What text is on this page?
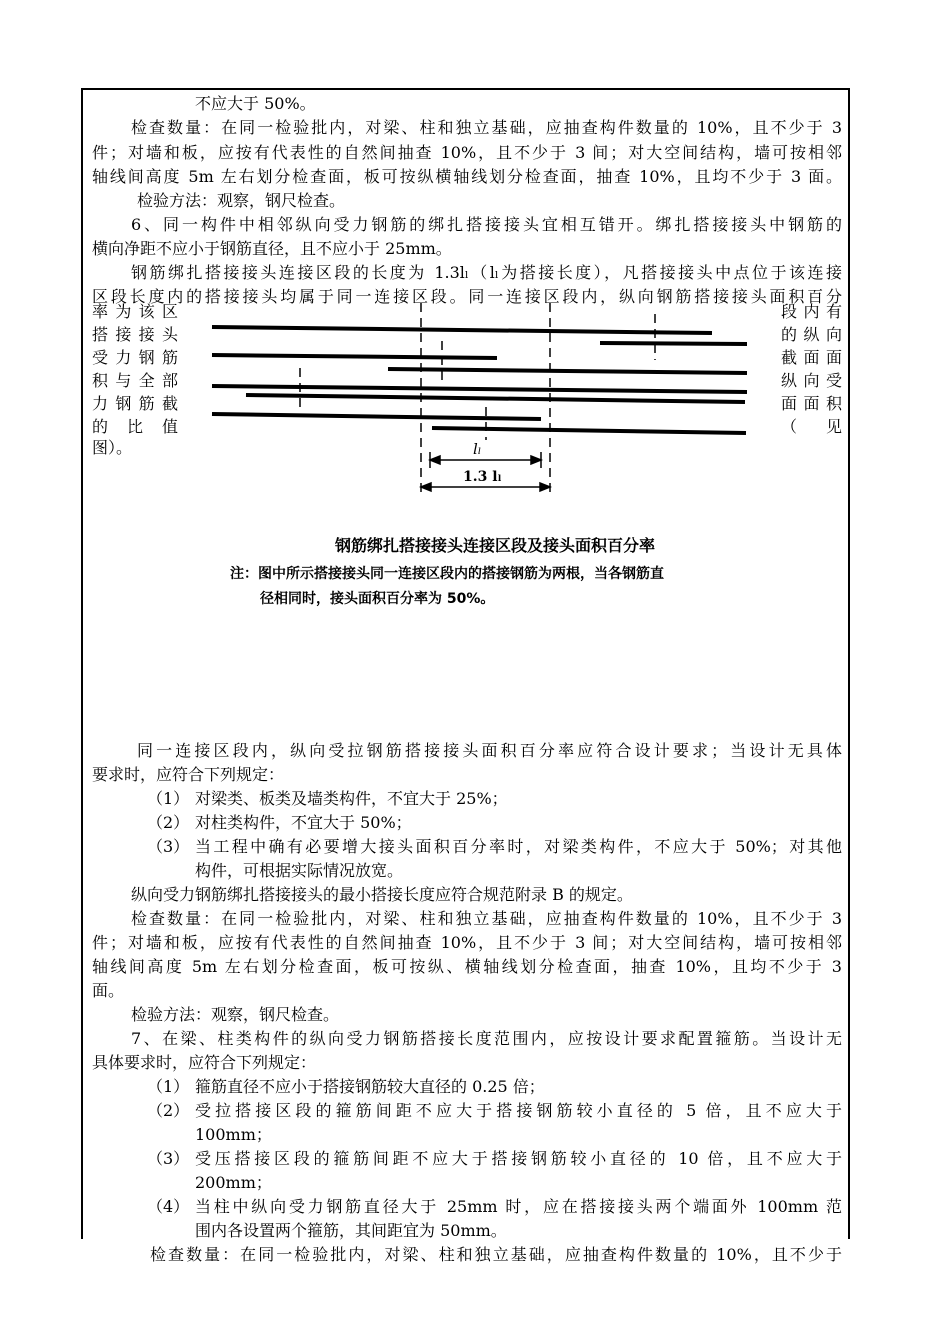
不应大于 50%。
检查数量：在同一检验批内，对梁、柱和独立基础，应抽查构件数量的 10%，且不少于 3
件；对墙和板，应按有代表性的自然间抽查 10%，且不少于 3 间；对大空间结构，墙可按相邻
轴线间高度 5m 左右划分检查面，板可按纵横轴线划分检查面，抽查 10%，且均不少于 3 面。
检验方法：观察，钢尺检查。
6、同一构件中相邻纵向受力钢筋的绑扎搭接接头宜相互错开。绑扎搭接接头中钢筋的
横向净距不应小于钢筋直径，且不应小于 25mm。
钢筋绑扎搭接接头连接区段的长度为 1.3lₗ（lₗ为搭接长度），凡搭接接头中点位于该连接
区段长度内的搭接接头均属于同一连接区段。同一连接区段内，纵向钢筋搭接接头面积百分
率为该区
搭接接头
受力钢筋
积与全部
力钢筋截
的比值
图）。
段内有
的纵向
截面面
纵向受
面面积
（见
lₗ
1.3 lₗ
钢筋绑扎搭接接头连接区段及接头面积百分率
注：图中所示搭接接头同一连接区段内的搭接钢筋为两根，当各钢筋直
径相同时，接头面积百分率为 50%。
同一连接区段内，纵向受拉钢筋搭接接头面积百分率应符合设计要求；当设计无具体
要求时，应符合下列规定：
（1） 对梁类、板类及墙类构件，不宜大于 25%；
（2） 对柱类构件，不宜大于 50%；
（3） 当工程中确有必要增大接头面积百分率时，对梁类构件，不应大于 50%；对其他
构件，可根据实际情况放宽。
纵向受力钢筋绑扎搭接接头的最小搭接长度应符合规范附录 B 的规定。
检查数量：在同一检验批内，对梁、柱和独立基础，应抽查构件数量的 10%，且不少于 3
件；对墙和板，应按有代表性的自然间抽查 10%，且不少于 3 间；对大空间结构，墙可按相邻
轴线间高度 5m 左右划分检查面，板可按纵、横轴线划分检查面，抽查 10%，且均不少于 3
面。
检验方法：观察，钢尺检查。
7、在梁、柱类构件的纵向受力钢筋搭接长度范围内，应按设计要求配置箍筋。当设计无
具体要求时，应符合下列规定：
（1） 箍筋直径不应小于搭接钢筋较大直径的 0.25 倍；
（2） 受拉搭接区段的箍筋间距不应大于搭接钢筋较小直径的 5 倍，且不应大于
100mm；
（3） 受压搭接区段的箍筋间距不应大于搭接钢筋较小直径的 10 倍，且不应大于
200mm；
（4） 当柱中纵向受力钢筋直径大于 25mm 时，应在搭接接头两个端面外 100mm 范
围内各设置两个箍筋，其间距宜为 50mm。
检查数量：在同一检验批内，对梁、柱和独立基础，应抽查构件数量的 10%，且不少于
